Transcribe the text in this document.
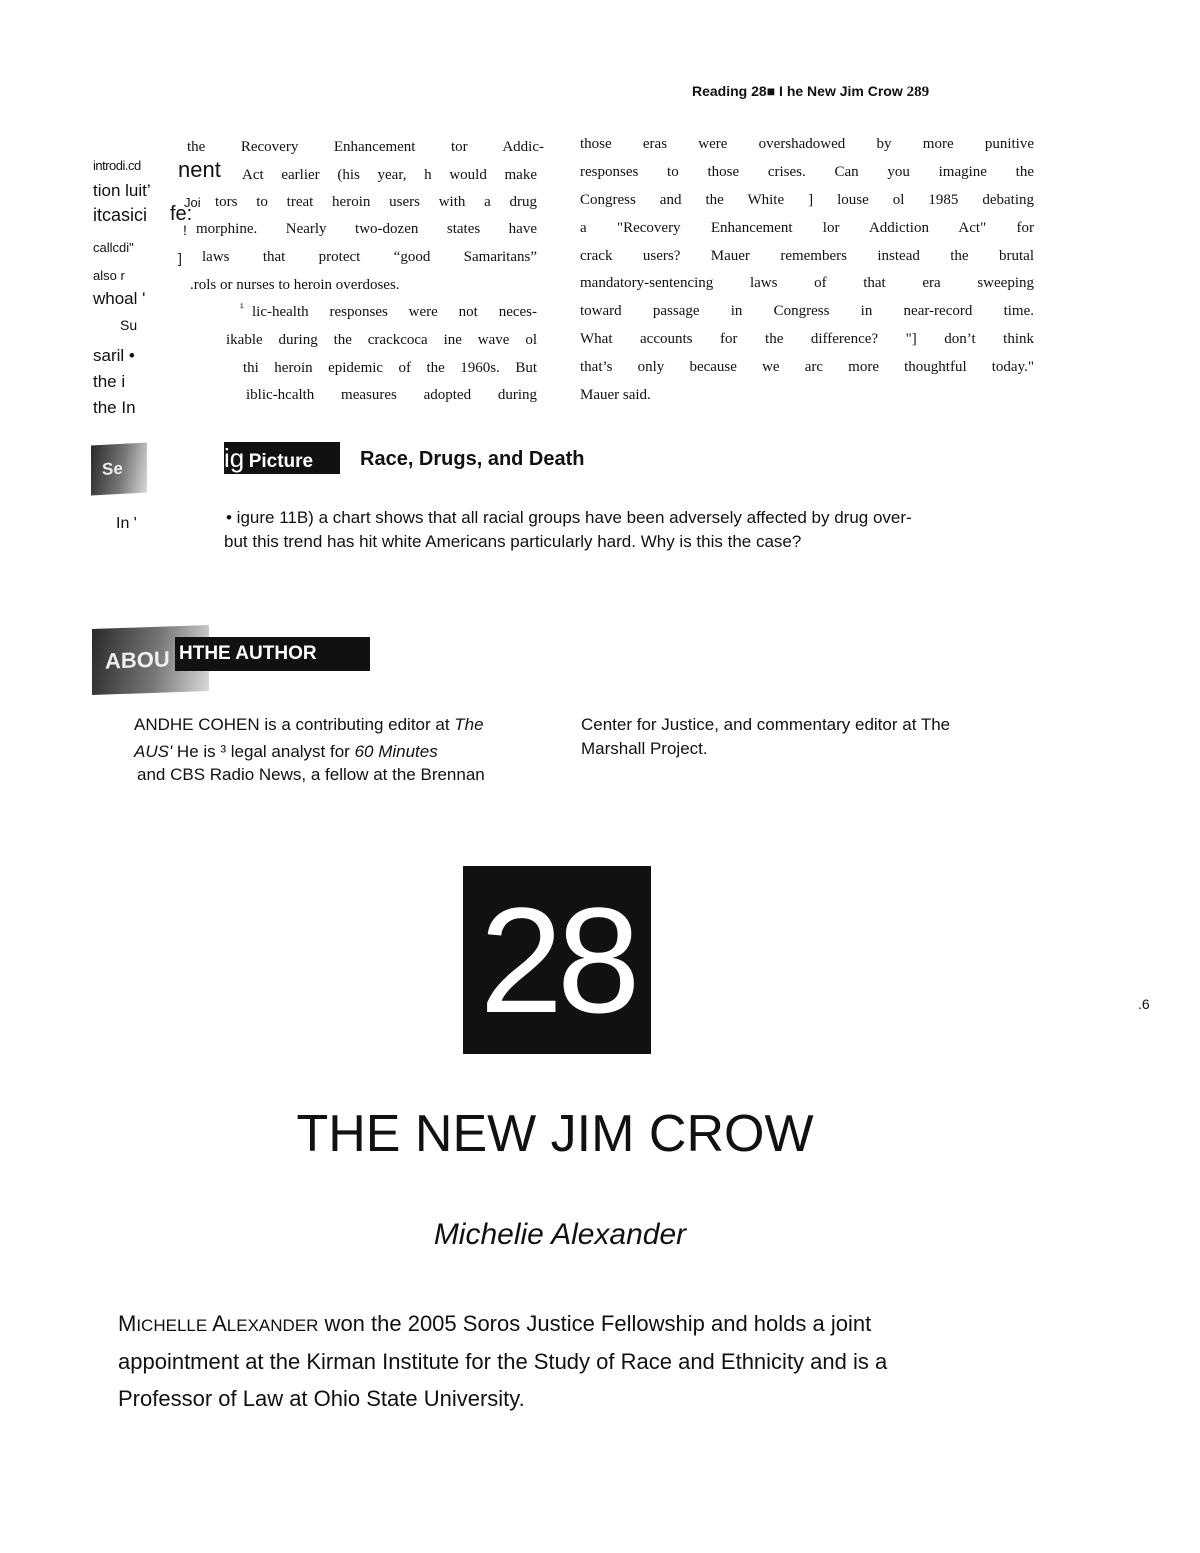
Reading 28■ I he New Jim Crow 289
introdi.cd
tion luit’
itcasici
callcdi"
also r
whoal '
Su
saril •
the i
the In
the Recovery Enhancement tor Addic-
nent Act earlier (his year, h would make
Joi
fe:
tors to treat heroin users with a drug
! morphine. Nearly two-dozen states have
] laws that protect “good Samaritans”
.rols or nurses to heroin overdoses.
¹ lic-health responses were not neces-
ikable during the crackcoca ine wave ol
thi heroin epidemic of the 1960s. But
iblic-hcalth measures adopted during
those eras were overshadowed by more punitive
responses to those crises. Can you imagine the
Congress and the White ] louse ol 1985 debating
a "Recovery Enhancement lor Addiction Act" for
crack users? Mauer remembers instead the brutal
mandatory-sentencing laws of that era sweeping
toward passage in Congress in near-record time.
What accounts for the difference? "] don’t think
that’s only because we arc more thoughtful today."
Mauer said.
Se	ig Picture	Race, Drugs, and Death
In '	• igure 11B) a chart shows that all racial groups have been adversely affected by drug over-
but this trend has hit white Americans particularly hard. Why is this the case?
ABOU HTHE AUTHOR
ANDHE COHEN is a contributing editor at The
AUS' He is ³ legal analyst for 60 Minutes
and CBS Radio News, a fellow at the Brennan
Center for Justice, and commentary editor at The
Marshall Project.
.6
28
THE NEW JIM CROW
Michelie Alexander
MICHELLE ALEXANDER won the 2005 Soros Justice Fellowship and holds a joint
appointment at the Kirman Institute for the Study of Race and Ethnicity and is a
Professor of Law at Ohio State University.
